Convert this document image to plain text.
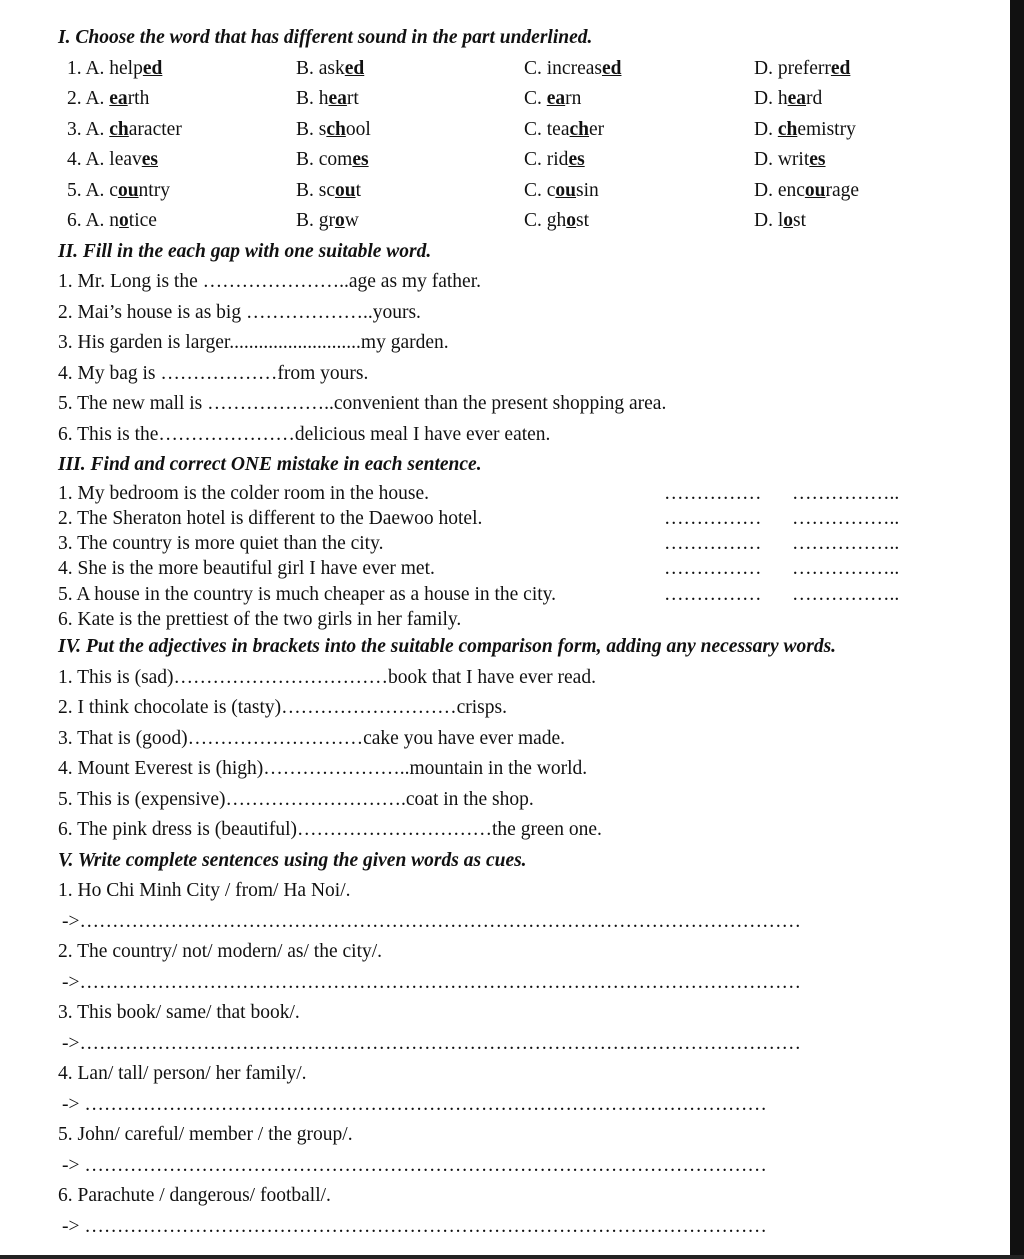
I. Choose the word that has different sound in the part underlined.
1. A. helped	B. asked	C. increased	D. preferred
2. A. earth	B. heart	C. earn	D. heard
3. A. character	B. school	C. teacher	D. chemistry
4. A. leaves	B. comes	C. rides	D. writes
5. A. country	B. scout	C. cousin	D. encourage
6. A. notice	B. grow	C. ghost	D. lost
II. Fill in the each gap with one suitable word.
1. Mr. Long is the …………………..age as my father.
2. Mai’s house is as big ………………..yours.
3. His garden is larger...........................my garden.
4. My bag is ………………from yours.
5. The new mall is ………………..convenient than the present shopping area.
6. This is the…………………delicious meal I have ever eaten.
III. Find and correct ONE mistake in each sentence.
1. My bedroom is the colder room in the house.	…………… ……………..
2. The Sheraton hotel is different to the Daewoo hotel.	…………… ……………..
3. The country is more quiet than the city.	…………… ……………..
4. She is the more beautiful girl I have ever met.	…………… ……………..
5. A house in the country is much cheaper as a house in the city.	…………… ……………..
6. Kate is the prettiest of the two girls in her family.
IV. Put the adjectives in brackets into the suitable comparison form, adding any necessary words.
1. This is (sad)……………………………book that I have ever read.
2. I think chocolate is (tasty)………………………crisps.
3. That is (good)………………………cake you have ever made.
4. Mount Everest is (high)…………………..mountain in the world.
5. This is (expensive)……………………….coat in the shop.
6. The pink dress is (beautiful)…………………………the green one.
V. Write complete sentences using the given words as cues.
1. Ho Chi Minh City / from/ Ha Noi/.
->…………………………………………………………………………………………………
2. The country/ not/ modern/ as/ the city/.
->…………………………………………………………………………………………………
3. This book/ same/ that book/.
->…………………………………………………………………………………………………
4. Lan/ tall/ person/ her family/.
-> ……………………………………………………………………………………………
5. John/ careful/ member / the group/.
-> ……………………………………………………………………………………………
6. Parachute / dangerous/ football/.
-> ……………………………………………………………………………………………
